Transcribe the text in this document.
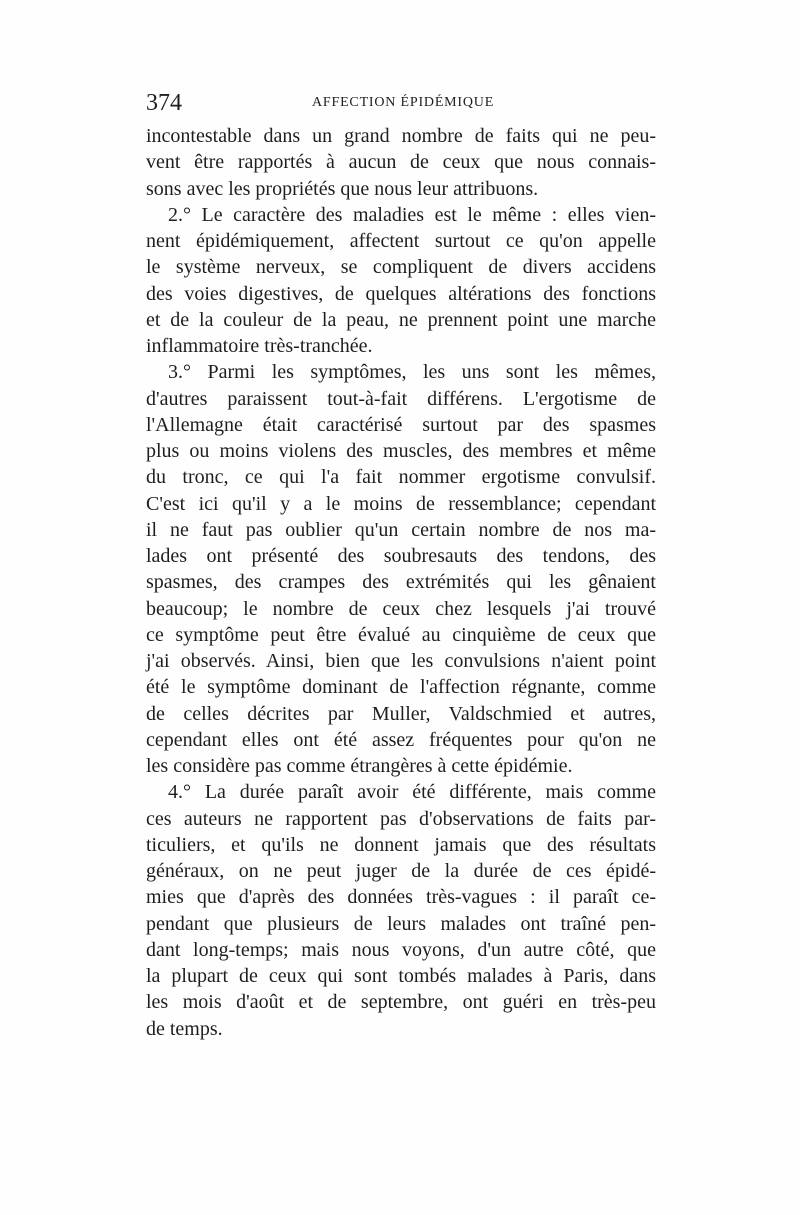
374	AFFECTION ÉPIDÉMIQUE
incontestable dans un grand nombre de faits qui ne peu-
vent être rapportés à aucun de ceux que nous connais-
sons avec les propriétés que nous leur attribuons.
2.° Le caractère des maladies est le même : elles vien-
nent épidémiquement, affectent surtout ce qu'on appelle
le système nerveux, se compliquent de divers accidens
des voies digestives, de quelques altérations des fonctions
et de la couleur de la peau, ne prennent point une marche
inflammatoire très-tranchée.
3.° Parmi les symptômes, les uns sont les mêmes,
d'autres paraissent tout-à-fait différens. L'ergotisme de
l'Allemagne était caractérisé surtout par des spasmes
plus ou moins violens des muscles, des membres et même
du tronc, ce qui l'a fait nommer ergotisme convulsif.
C'est ici qu'il y a le moins de ressemblance; cependant
il ne faut pas oublier qu'un certain nombre de nos ma-
lades ont présenté des soubresauts des tendons, des
spasmes, des crampes des extrémités qui les gênaient
beaucoup; le nombre de ceux chez lesquels j'ai trouvé
ce symptôme peut être évalué au cinquième de ceux que
j'ai observés. Ainsi, bien que les convulsions n'aient point
été le symptôme dominant de l'affection régnante, comme
de celles décrites par Muller, Valdschmied et autres,
cependant elles ont été assez fréquentes pour qu'on ne
les considère pas comme étrangères à cette épidémie.
4.° La durée paraît avoir été différente, mais comme
ces auteurs ne rapportent pas d'observations de faits par-
ticuliers, et qu'ils ne donnent jamais que des résultats
généraux, on ne peut juger de la durée de ces épidé-
mies que d'après des données très-vagues : il paraît ce-
pendant que plusieurs de leurs malades ont traîné pen-
dant long-temps; mais nous voyons, d'un autre côté, que
la plupart de ceux qui sont tombés malades à Paris, dans
les mois d'août et de septembre, ont guéri en très-peu
de temps.
